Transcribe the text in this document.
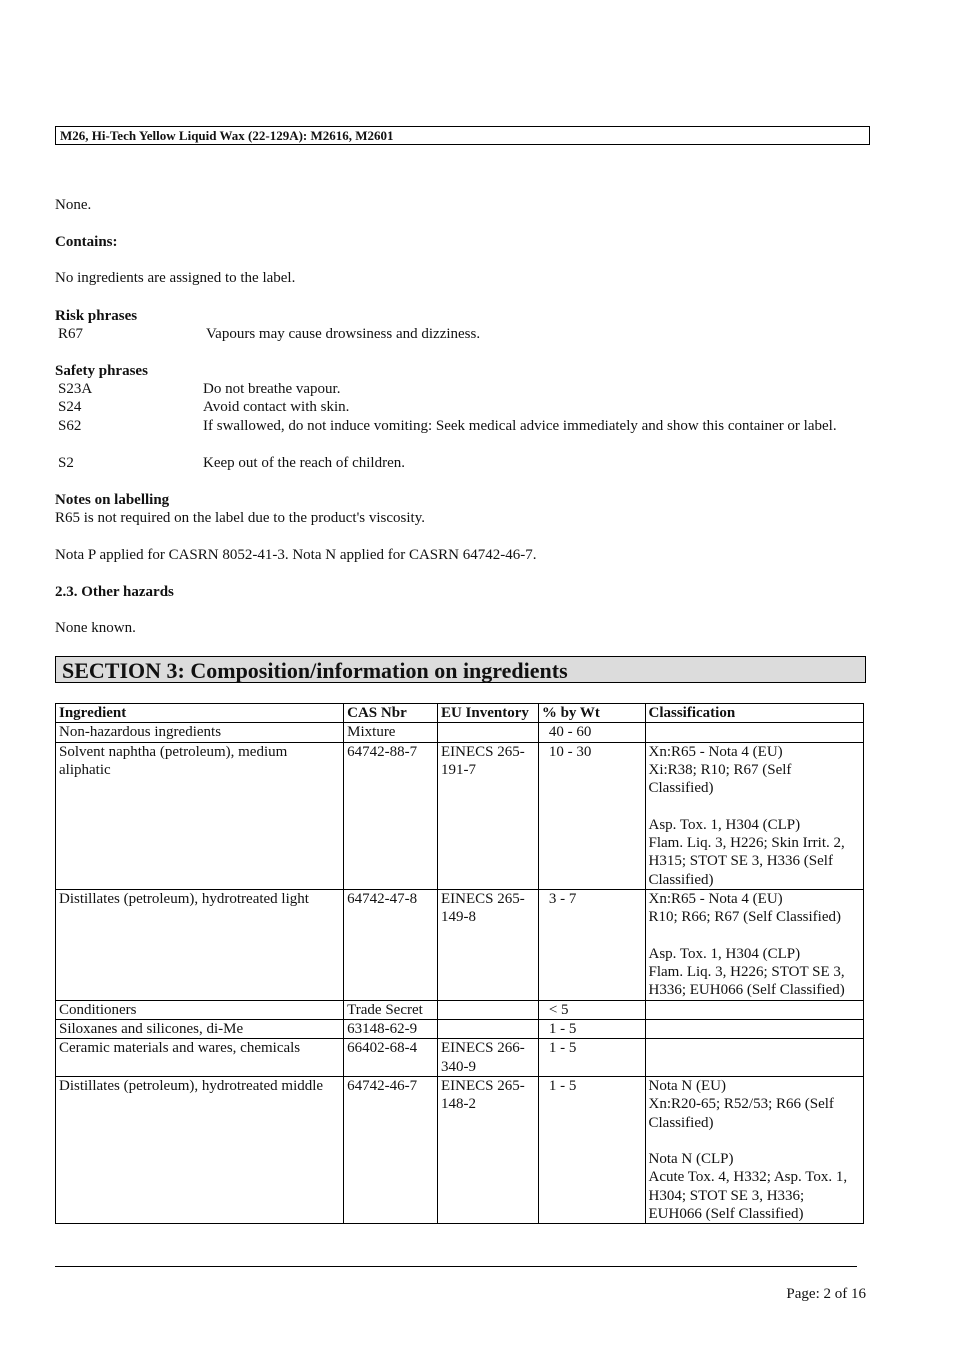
M26, Hi-Tech Yellow Liquid Wax (22-129A): M2616, M2601
None.
Contains:
No ingredients are assigned to the label.
Risk phrases
R67	Vapours may cause drowsiness and dizziness.
Safety phrases
S23A	Do not breathe vapour.
S24	Avoid contact with skin.
S62	If swallowed, do not induce vomiting: Seek medical advice immediately and show this container or label.
S2	Keep out of the reach of children.
Notes on labelling
R65 is not required on the label due to the product's viscosity.
Nota P applied for CASRN 8052-41-3. Nota N applied for CASRN 64742-46-7.
2.3. Other hazards
None known.
SECTION 3: Composition/information on ingredients
Ingredient	CAS Nbr	EU Inventory	% by Wt	Classification
Non-hazardous ingredients	Mixture		40 - 60	
Solvent naphtha (petroleum), medium aliphatic	64742-88-7	EINECS 265-191-7	10 - 30	Xn:R65 - Nota 4 (EU)
Xi:R38; R10; R67 (Self Classified)
Asp. Tox. 1, H304 (CLP)
Flam. Liq. 3, H226; Skin Irrit. 2, H315; STOT SE 3, H336 (Self Classified)

Distillates (petroleum), hydrotreated light	64742-47-8	EINECS 265-149-8	3 - 7	Xn:R65 - Nota 4 (EU)
R10; R66; R67 (Self Classified)
Asp. Tox. 1, H304 (CLP)
Flam. Liq. 3, H226; STOT SE 3, H336; EUH066 (Self Classified)

Conditioners	Trade Secret		< 5	
Siloxanes and silicones, di-Me	63148-62-9		1 - 5	
Ceramic materials and wares, chemicals	66402-68-4	EINECS 266-340-9	1 - 5	
Distillates (petroleum), hydrotreated middle	64742-46-7	EINECS 265-148-2	1 - 5	Nota N (EU)
Xn:R20-65; R52/53; R66 (Self Classified)
Nota N (CLP)
Acute Tox. 4, H332; Asp. Tox. 1, H304; STOT SE 3, H336; EUH066 (Self Classified)
Page: 2 of 16
